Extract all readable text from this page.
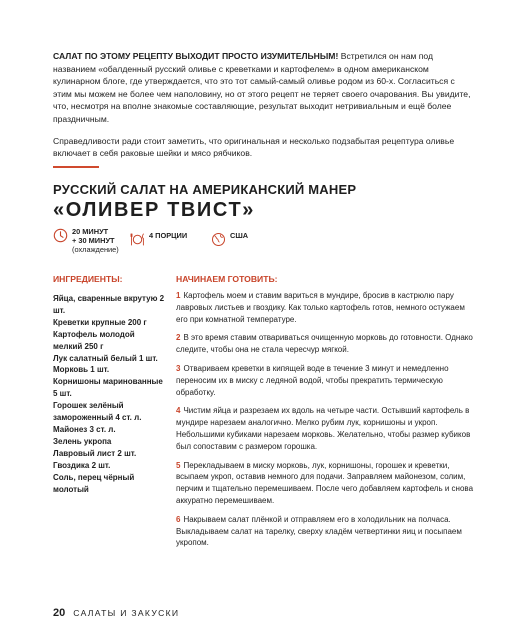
САЛАТ ПО ЭТОМУ РЕЦЕПТУ ВЫХОДИТ ПРОСТО ИЗУМИТЕЛЬНЫМ! Встретился он нам под названием «обалденный русский оливье с креветками и картофелем» в одном американском кулинарном блоге, где утверждается, что это тот самый-самый оливье родом из 60-х. Согласиться с этим мы можем не более чем наполовину, но от этого рецепт не теряет своего очарования. Вы увидите, что, несмотря на вполне знакомые составляющие, результат выходит нетривиальным и ещё более праздничным.

Справедливости ради стоит заметить, что оригинальная и несколько подзабытая рецептура оливье включает в себя раковые шейки и мясо рябчиков.

РУССКИЙ САЛАТ НА АМЕРИКАНСКИЙ МАНЕР
«ОЛИВЕР ТВИСТ»
20 МИНУТ
+ 30 МИНУТ
(охлаждение)
4 ПОРЦИИ	США
ИНГРЕДИЕНТЫ:
Яйца, сваренные вкрутую 2 шт.
Креветки крупные 200 г
Картофель молодой мелкий 250 г
Лук салатный белый 1 шт.
Морковь 1 шт.
Корнишоны маринованные 5 шт.
Горошек зелёный замороженный 4 ст. л.
Майонез 3 ст. л.
Зелень укропа
Лавровый лист 2 шт.
Гвоздика 2 шт.
Соль, перец чёрный молотый
НАЧИНАЕМ ГОТОВИТЬ:

1 Картофель моем и ставим вариться в мундире, бросив в кастрюлю пару лавровых листьев и гвоздику. Как только картофель готов, немного остужаем его при комнатной температуре.

2 В это время ставим отвариваться очищенную морковь до готовности. Однако следите, чтобы она не стала чересчур мягкой.

3 Отвариваем креветки в кипящей воде в течение 3 минут и немедленно переносим их в миску с ледяной водой, чтобы прекратить термическую обработку.

4 Чистим яйца и разрезаем их вдоль на четыре части. Остывший картофель в мундире нарезаем аналогично. Мелко рубим лук, корнишоны и укроп. Небольшими кубиками нарезаем морковь. Желательно, чтобы размер кубиков был сопоставим с размером горошка.

5 Перекладываем в миску морковь, лук, корнишоны, горошек и креветки, всыпаем укроп, оставив немного для подачи. Заправляем майонезом, солим, перчим и тщательно перемешиваем. После чего добавляем картофель и снова аккуратно перемешиваем.

6 Накрываем салат плёнкой и отправляем его в холодильник на полчаса. Выкладываем салат на тарелку, сверху кладём четвертинки яиц и посыпаем укропом.

20 САЛАТЫ И ЗАКУСКИ
